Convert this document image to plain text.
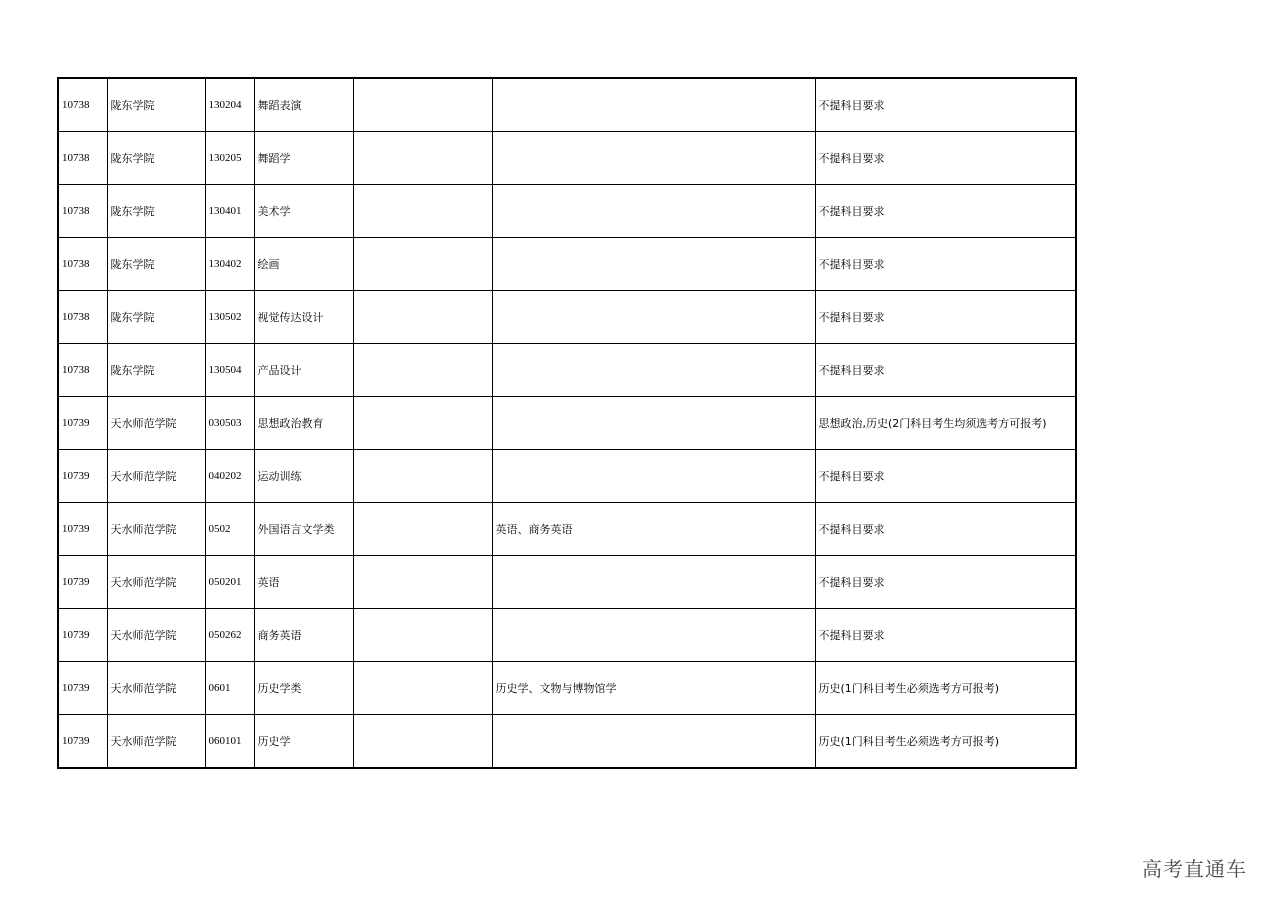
10738	陇东学院	130204	舞蹈表演			不提科目要求
10738	陇东学院	130205	舞蹈学			不提科目要求
10738	陇东学院	130401	美术学			不提科目要求
10738	陇东学院	130402	绘画			不提科目要求
10738	陇东学院	130502	视觉传达设计			不提科目要求
10738	陇东学院	130504	产品设计			不提科目要求
10739	天水师范学院	030503	思想政治教育			思想政治,历史(2门科目考生均须选考方可报考)
10739	天水师范学院	040202	运动训练			不提科目要求
10739	天水师范学院	0502	外国语言文学类		英语、商务英语	不提科目要求
10739	天水师范学院	050201	英语			不提科目要求
10739	天水师范学院	050262	商务英语			不提科目要求
10739	天水师范学院	0601	历史学类		历史学、文物与博物馆学	历史(1门科目考生必须选考方可报考)
10739	天水师范学院	060101	历史学			历史(1门科目考生必须选考方可报考)
高考直通车
